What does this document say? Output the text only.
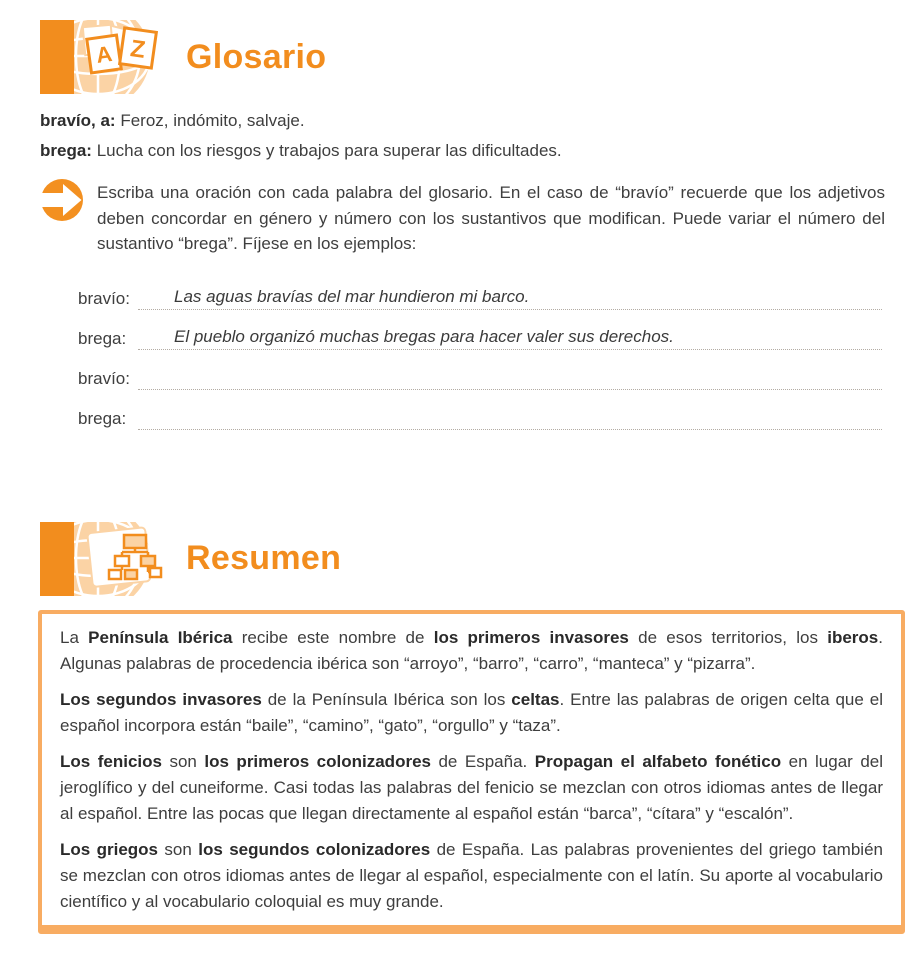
A Z Glosario

bravío, a: Feroz, indómito, salvaje.

brega: Lucha con los riesgos y trabajos para superar las dificultades.

Escriba una oración con cada palabra del glosario. En el caso de “bravío” recuerde que los adjetivos deben concordar en género y número con los sustantivos que modifican. Puede variar el número del sustantivo “brega”. Fíjese en los ejemplos:
bravío:	Las aguas bravías del mar hundieron mi barco.
brega:	El pueblo organizó muchas bregas para hacer valer sus derechos.
bravío:
brega:
Resumen

La Península Ibérica recibe este nombre de los primeros invasores de esos territorios, los iberos. Algunas palabras de procedencia ibérica son “arroyo”, “barro”, “carro”, “manteca” y “pizarra”.

Los segundos invasores de la Península Ibérica son los celtas. Entre las palabras de origen celta que el español incorpora están “baile”, “camino”, “gato”, “orgullo” y “taza”.

Los fenicios son los primeros colonizadores de España. Propagan el alfabeto fonético en lugar del jeroglífico y del cuneiforme. Casi todas las palabras del fenicio se mezclan con otros idiomas antes de llegar al español. Entre las pocas que llegan directamente al español están “barca”, “cítara” y “escalón”.

Los griegos son los segundos colonizadores de España. Las palabras provenientes del griego también se mezclan con otros idiomas antes de llegar al español, especialmente con el latín. Su aporte al vocabulario científico y al vocabulario coloquial es muy grande.
